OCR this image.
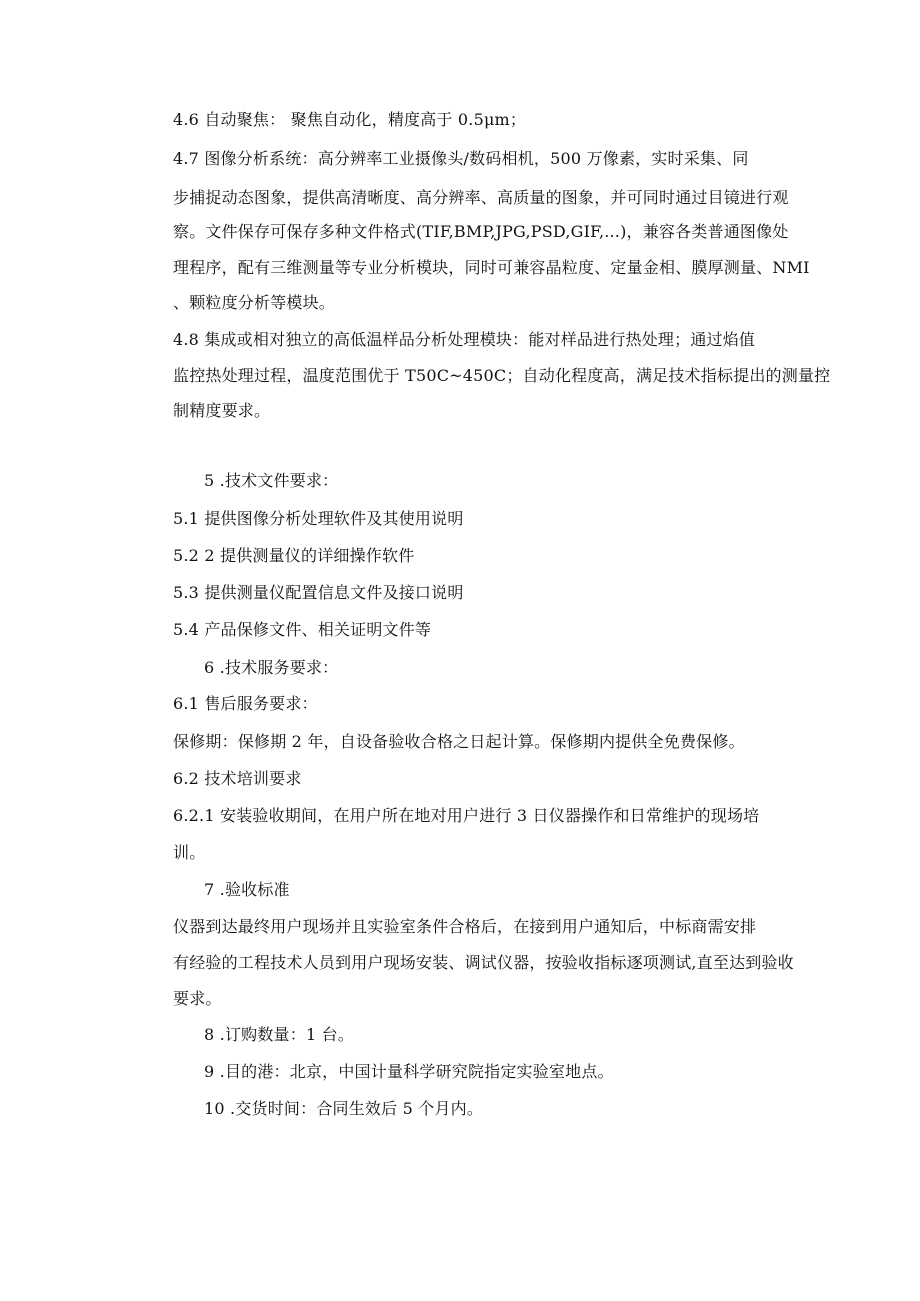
4.6 自动聚焦： 聚焦自动化，精度高于 0.5μm；
4.7 图像分析系统：高分辨率工业摄像头/数码相机，500 万像素，实时采集、同
步捕捉动态图象，提供高清晰度、高分辨率、高质量的图象，并可同时通过目镜进行观
察。文件保存可保存多种文件格式(TIF,BMP,JPG,PSD,GIF,...)，兼容各类普通图像处
理程序，配有三维测量等专业分析模块，同时可兼容晶粒度、定量金相、膜厚测量、NMI
、颗粒度分析等模块。
4.8 集成或相对独立的高低温样品分析处理模块：能对样品进行热处理；通过焰值
监控热处理过程，温度范围优于 T50C~450C；自动化程度高，满足技术指标提出的测量控
制精度要求。
5 .技术文件要求：
5.1 提供图像分析处理软件及其使用说明
5.2 2 提供测量仪的详细操作软件
5.3 提供测量仪配置信息文件及接口说明
5.4 产品保修文件、相关证明文件等
6 .技术服务要求：
6.1 售后服务要求：
保修期：保修期 2 年，自设备验收合格之日起计算。保修期内提供全免费保修。
6.2 技术培训要求
6.2.1 安装验收期间，在用户所在地对用户进行 3 日仪器操作和日常维护的现场培
训。
7 .验收标准
仪器到达最终用户现场并且实验室条件合格后，在接到用户通知后，中标商需安排
有经验的工程技术人员到用户现场安装、调试仪器，按验收指标逐项测试,直至达到验收
要求。
8 .订购数量：1 台。
9 .目的港：北京，中国计量科学研究院指定实验室地点。
10 .交货时间：合同生效后 5 个月内。
